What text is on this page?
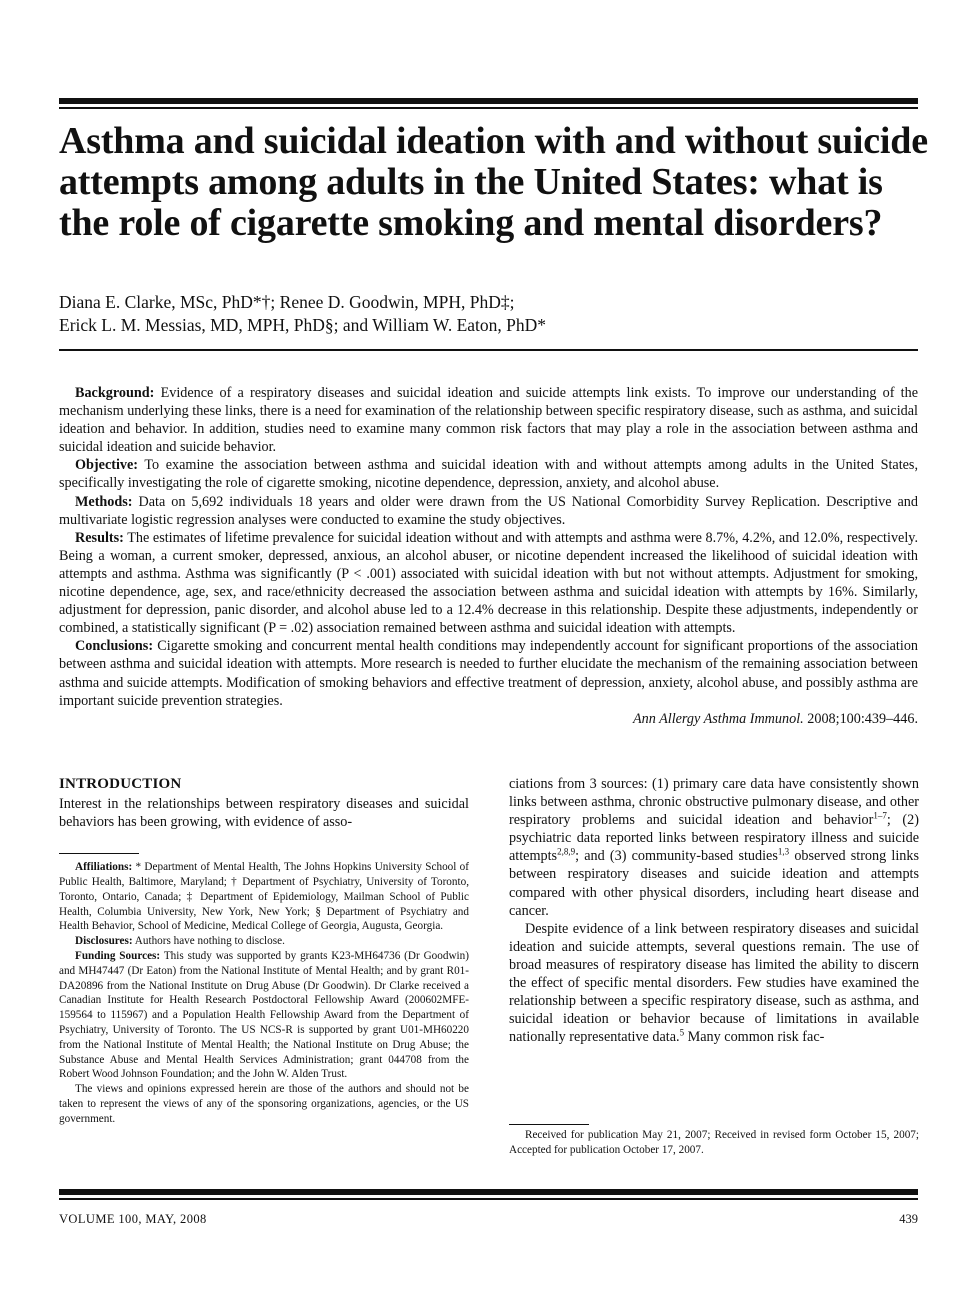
Asthma and suicidal ideation with and without suicide attempts among adults in the United States: what is the role of cigarette smoking and mental disorders?
Diana E. Clarke, MSc, PhD*†; Renee D. Goodwin, MPH, PhD‡;
Erick L. M. Messias, MD, MPH, PhD§; and William W. Eaton, PhD*

Background: Evidence of a respiratory diseases and suicidal ideation and suicide attempts link exists. To improve our understanding of the mechanism underlying these links, there is a need for examination of the relationship between specific respiratory disease, such as asthma, and suicidal ideation and behavior. In addition, studies need to examine many common risk factors that may play a role in the association between asthma and suicidal ideation and suicide behavior.

Objective: To examine the association between asthma and suicidal ideation with and without attempts among adults in the United States, specifically investigating the role of cigarette smoking, nicotine dependence, depression, anxiety, and alcohol abuse.

Methods: Data on 5,692 individuals 18 years and older were drawn from the US National Comorbidity Survey Replication. Descriptive and multivariate logistic regression analyses were conducted to examine the study objectives.

Results: The estimates of lifetime prevalence for suicidal ideation without and with attempts and asthma were 8.7%, 4.2%, and 12.0%, respectively. Being a woman, a current smoker, depressed, anxious, an alcohol abuser, or nicotine dependent increased the likelihood of suicidal ideation with attempts and asthma. Asthma was significantly (P < .001) associated with suicidal ideation with but not without attempts. Adjustment for smoking, nicotine dependence, age, sex, and race/ethnicity decreased the association between asthma and suicidal ideation with attempts by 16%. Similarly, adjustment for depression, panic disorder, and alcohol abuse led to a 12.4% decrease in this relationship. Despite these adjustments, independently or combined, a statistically significant (P = .02) association remained between asthma and suicidal ideation with attempts.

Conclusions: Cigarette smoking and concurrent mental health conditions may independently account for significant proportions of the association between asthma and suicidal ideation with attempts. More research is needed to further elucidate the mechanism of the remaining association between asthma and suicide attempts. Modification of smoking behaviors and effective treatment of depression, anxiety, alcohol abuse, and possibly asthma are important suicide prevention strategies.

Ann Allergy Asthma Immunol. 2008;100:439–446.

INTRODUCTION

Interest in the relationships between respiratory diseases and suicidal behaviors has been growing, with evidence of asso-

Affiliations: * Department of Mental Health, The Johns Hopkins University School of Public Health, Baltimore, Maryland; † Department of Psychiatry, University of Toronto, Toronto, Ontario, Canada; ‡ Department of Epidemiology, Mailman School of Public Health, Columbia University, New York, New York; § Department of Psychiatry and Health Behavior, School of Medicine, Medical College of Georgia, Augusta, Georgia.

Disclosures: Authors have nothing to disclose.

Funding Sources: This study was supported by grants K23-MH64736 (Dr Goodwin) and MH47447 (Dr Eaton) from the National Institute of Mental Health; and by grant R01-DA20896 from the National Institute on Drug Abuse (Dr Goodwin). Dr Clarke received a Canadian Institute for Health Research Postdoctoral Fellowship Award (200602MFE-159564 to 115967) and a Population Health Fellowship Award from the Department of Psychiatry, University of Toronto. The US NCS-R is supported by grant U01-MH60220 from the National Institute of Mental Health; the National Institute on Drug Abuse; the Substance Abuse and Mental Health Services Administration; grant 044708 from the Robert Wood Johnson Foundation; and the John W. Alden Trust.

The views and opinions expressed herein are those of the authors and should not be taken to represent the views of any of the sponsoring organizations, agencies, or the US government.

ciations from 3 sources: (1) primary care data have consistently shown links between asthma, chronic obstructive pulmonary disease, and other respiratory problems and suicidal ideation and behavior$^{1-7}$; (2) psychiatric data reported links between respiratory illness and suicide attempts$^{2,8,9}$; and (3) community-based studies$^{1,3}$ observed strong links between respiratory diseases and suicide ideation and attempts compared with other physical disorders, including heart disease and cancer.

Despite evidence of a link between respiratory diseases and suicidal ideation and suicide attempts, several questions remain. The use of broad measures of respiratory disease has limited the ability to discern the effect of specific mental disorders. Few studies have examined the relationship between a specific respiratory disease, such as asthma, and suicidal ideation or behavior because of limitations in available nationally representative data.$^5$ Many common risk fac-

Received for publication May 21, 2007; Received in revised form October 15, 2007; Accepted for publication October 17, 2007.

VOLUME 100, MAY, 2008	439
